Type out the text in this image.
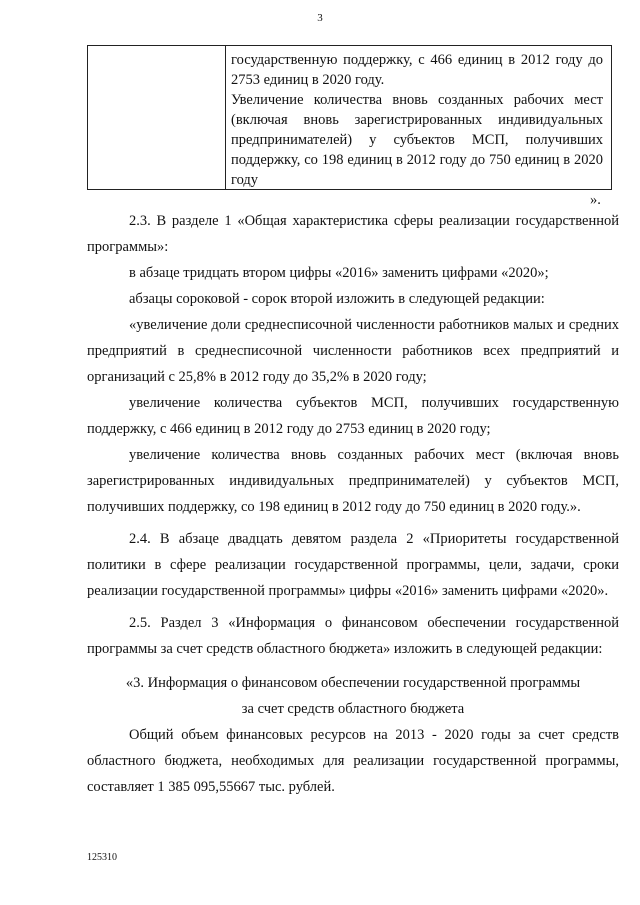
3

государственную поддержку, с 466 единиц в 2012 году до 2753 единиц в 2020 году.

Увеличение количества вновь созданных рабочих мест (включая вновь зарегистрированных индивидуальных предпринимателей) у субъектов МСП, получивших поддержку, со 198 единиц в 2012 году до 750 единиц в 2020 году

».

2.3. В разделе 1 «Общая характеристика сферы реализации государственной программы»:

в абзаце тридцать втором цифры «2016» заменить цифрами «2020»;

абзацы сороковой - сорок второй изложить в следующей редакции:

«увеличение доли среднесписочной численности работников малых и средних предприятий в среднесписочной численности работников всех предприятий и организаций с 25,8% в 2012 году до 35,2% в 2020 году;

увеличение количества субъектов МСП, получивших государственную поддержку, с 466 единиц в 2012 году до 2753 единиц в 2020 году;

увеличение количества вновь созданных рабочих мест (включая вновь зарегистрированных индивидуальных предпринимателей) у субъектов МСП, получивших поддержку, со 198 единиц в 2012 году до 750 единиц в 2020 году.».

2.4. В абзаце двадцать девятом раздела 2 «Приоритеты государственной политики в сфере реализации государственной программы, цели, задачи, сроки реализации государственной программы» цифры «2016» заменить цифрами «2020».

2.5. Раздел 3 «Информация о финансовом обеспечении государственной программы за счет средств областного бюджета» изложить в следующей редакции:

«3. Информация о финансовом обеспечении государственной программы

за счет средств областного бюджета

Общий объем финансовых ресурсов на 2013 - 2020 годы за счет средств областного бюджета, необходимых для реализации государственной программы, составляет 1 385 095,55667 тыс. рублей.

125310
